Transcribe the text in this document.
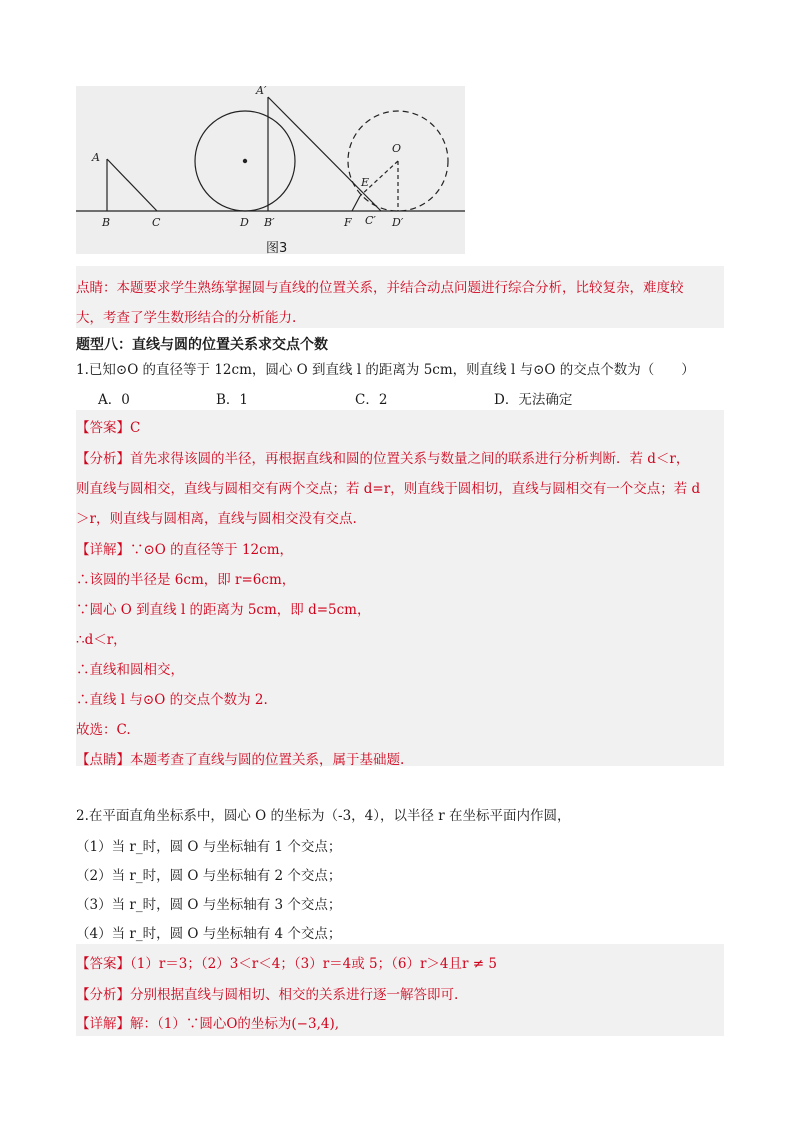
A
B	C	D
A′
B′
O
E
F C′ D′
图3
点睛：本题要求学生熟练掌握圆与直线的位置关系，并结合动点问题进行综合分析，比较复杂，难度较
大，考查了学生数形结合的分析能力.
题型八：直线与圆的位置关系求交点个数
1.已知⊙O 的直径等于 12cm，圆心 O 到直线 l 的距离为 5cm，则直线 l 与⊙O 的交点个数为（　　）
A．0	B．1	C．2	D．无法确定
【答案】C
【分析】首先求得该圆的半径，再根据直线和圆的位置关系与数量之间的联系进行分析判断．若 d＜r，
则直线与圆相交，直线与圆相交有两个交点；若 d=r，则直线于圆相切，直线与圆相交有一个交点；若 d
＞r，则直线与圆相离，直线与圆相交没有交点.
【详解】∵⊙O 的直径等于 12cm，
∴该圆的半径是 6cm，即 r=6cm，
∵圆心 O 到直线 l 的距离为 5cm，即 d=5cm，
∴d＜r，
∴直线和圆相交，
∴直线 l 与⊙O 的交点个数为 2.
故选：C.
【点睛】本题考查了直线与圆的位置关系，属于基础题.
2.在平面直角坐标系中，圆心 O 的坐标为（-3，4），以半径 r 在坐标平面内作圆，
（1）当 r_时，圆 O 与坐标轴有 1 个交点；
（2）当 r_时，圆 O 与坐标轴有 2 个交点；
（3）当 r_时，圆 O 与坐标轴有 3 个交点；
（4）当 r_时，圆 O 与坐标轴有 4 个交点；
【答案】（1）r＝3；（2）3＜r＜4；（3）r＝4或 5；（6）r＞4且r ≠ 5
【分析】分别根据直线与圆相切、相交的关系进行逐一解答即可.
【详解】解：（1）∵圆心O的坐标为(−3,4),
